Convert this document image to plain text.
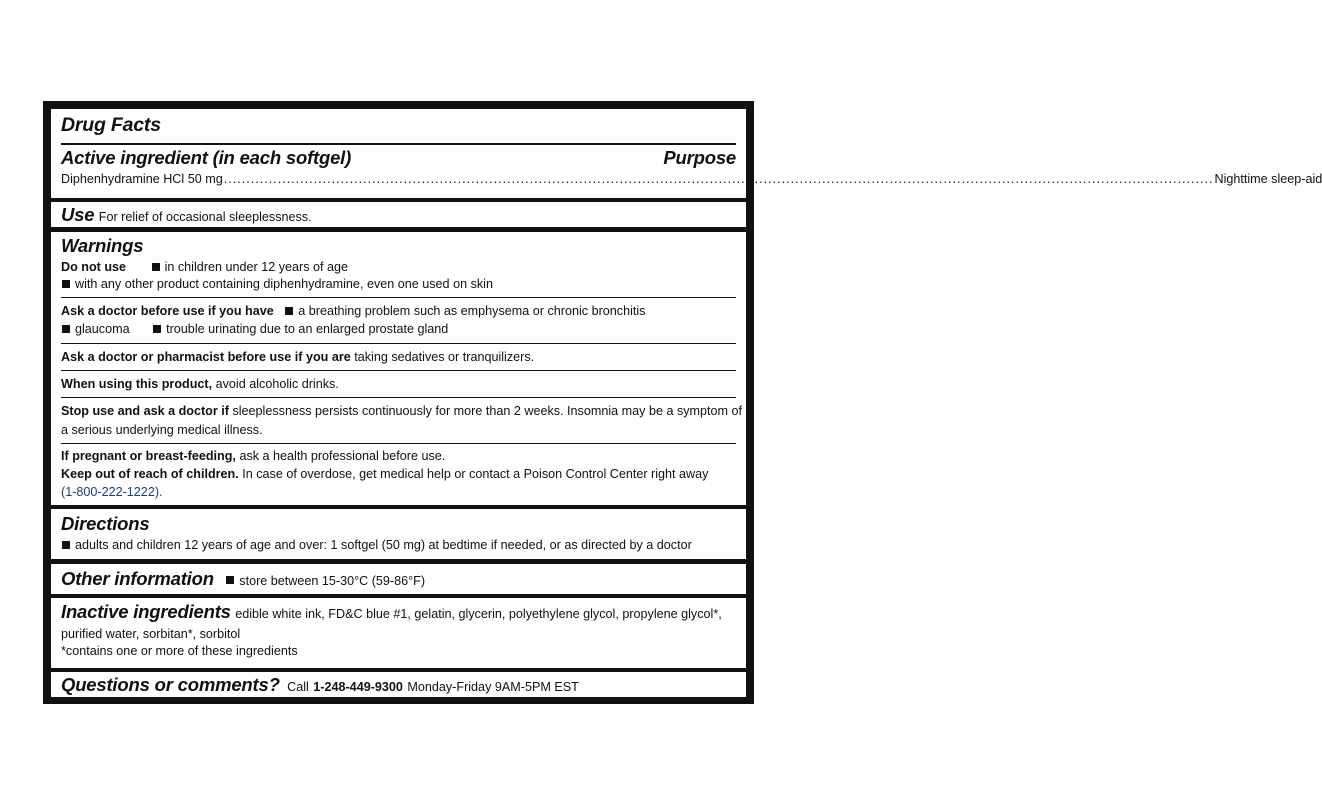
Drug Facts
Active ingredient (in each softgel)	Purpose
Diphenhydramine HCl 50 mg ............................................................................................................................................................................................................................ Nighttime sleep-aid
Use For relief of occasional sleeplessness.
Warnings
Do not use	in children under 12 years of age
with any other product containing diphenhydramine, even one used on skin
Ask a doctor before use if you have a breathing problem such as emphysema or chronic bronchitis
glaucoma	trouble urinating due to an enlarged prostate gland
Ask a doctor or pharmacist before use if you are taking sedatives or tranquilizers.
When using this product, avoid alcoholic drinks.
Stop use and ask a doctor if sleeplessness persists continuously for more than 2 weeks. Insomnia may be a symptom of
a serious underlying medical illness.
If pregnant or breast-feeding, ask a health professional before use.
Keep out of reach of children. In case of overdose, get medical help or contact a Poison Control Center right away
(1-800-222-1222).
Directions
adults and children 12 years of age and over: 1 softgel (50 mg) at bedtime if needed, or as directed by a doctor
Other information store between 15-30°C (59-86°F)
Inactive ingredients edible white ink, FD&C blue #1, gelatin, glycerin, polyethylene glycol, propylene glycol*,
purified water, sorbitan*, sorbitol
*contains one or more of these ingredients
Questions or comments? Call 1-248-449-9300 Monday-Friday 9AM-5PM EST
